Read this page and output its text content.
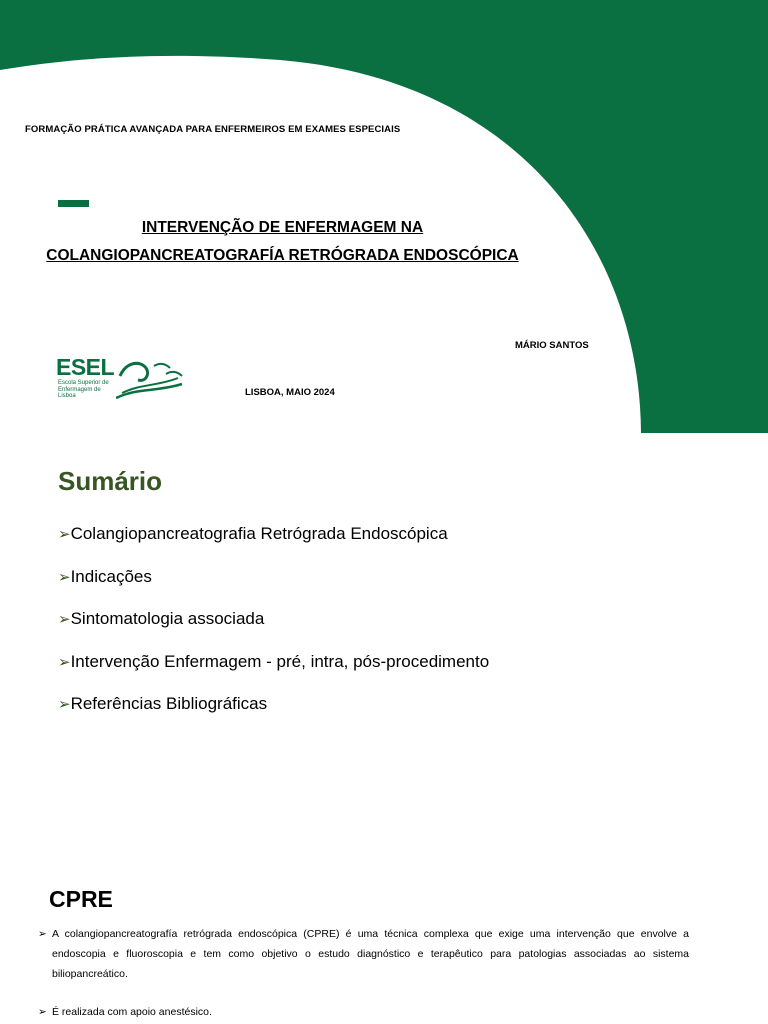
FORMAÇÃO PRÁTICA AVANÇADA PARA ENFERMEIROS EM EXAMES ESPECIAIS
INTERVENÇÃO DE ENFERMAGEM NA
COLANGIOPANCREATOGRAFÍA RETRÓGRADA ENDOSCÓPICA
MÁRIO SANTOS
ESEL
Escola Superior de Enfermagem de Lisboa	LISBOA, MAIO 2024
Sumário
➢Colangiopancreatografia Retrógrada Endoscópica
➢Indicações
➢Sintomatologia associada
➢Intervenção Enfermagem - pré, intra, pós-procedimento
➢Referências Bibliográficas
CPRE
➢ A colangiopancreatografía retrógrada endoscópica (CPRE) é uma técnica complexa que exige uma intervenção que envolve a endoscopia e fluoroscopia e tem como objetivo o estudo diagnóstico e terapêutico para patologias associadas ao sistema biliopancreático.
➢ É realizada com apoio anestésico.
